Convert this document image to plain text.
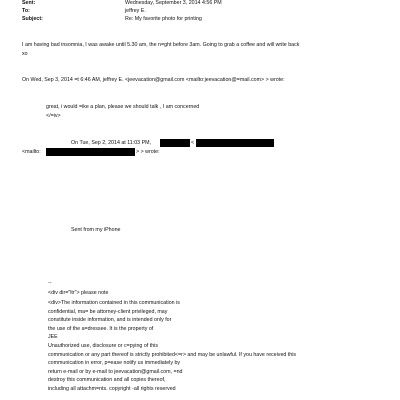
Sent:	Wednesday, September 3, 2014 4:56 PM
To:	jeffrey E.
Subject:	Re: My favorite photo for printing
I am having bad insomnia, I was awake until 5.30 am, the n=ght before 3am. Going to grab a coffee and will write back
xo
On Wed, Sep 3, 2014 =t 6:46 AM, jeffrey E. <jeevacation@gmail.com <mailto:jeevacation@=mail.com> > wrote:
great, i would =ike a plan, please we should talk , I am concerned
</=iv>
On Tue, Sep 2, 2014 at 11:03 PM,	<
<mailto:	> > wrote:
Sent from my iPhone
--
<div dir="ltr"> please note
<div>The information contained in this communication is
confidential, ma= be attorney-client privileged, may
constitute inside information, and is intended only for
the use of the a=dressee. It is the property of
JEE
Unauthorized use, disclosure or c=pying of this
communication or any part thereof is strictly prohibited<=r> and may be unlawful. If you have received this
communication in error, p=ease notify us immediately by
return e-mail or by e-mail to jeevacation@gmail.com, =nd
destroy this communication and all copies thereof,
including all attachm=nts. copyright -all rights reserved
